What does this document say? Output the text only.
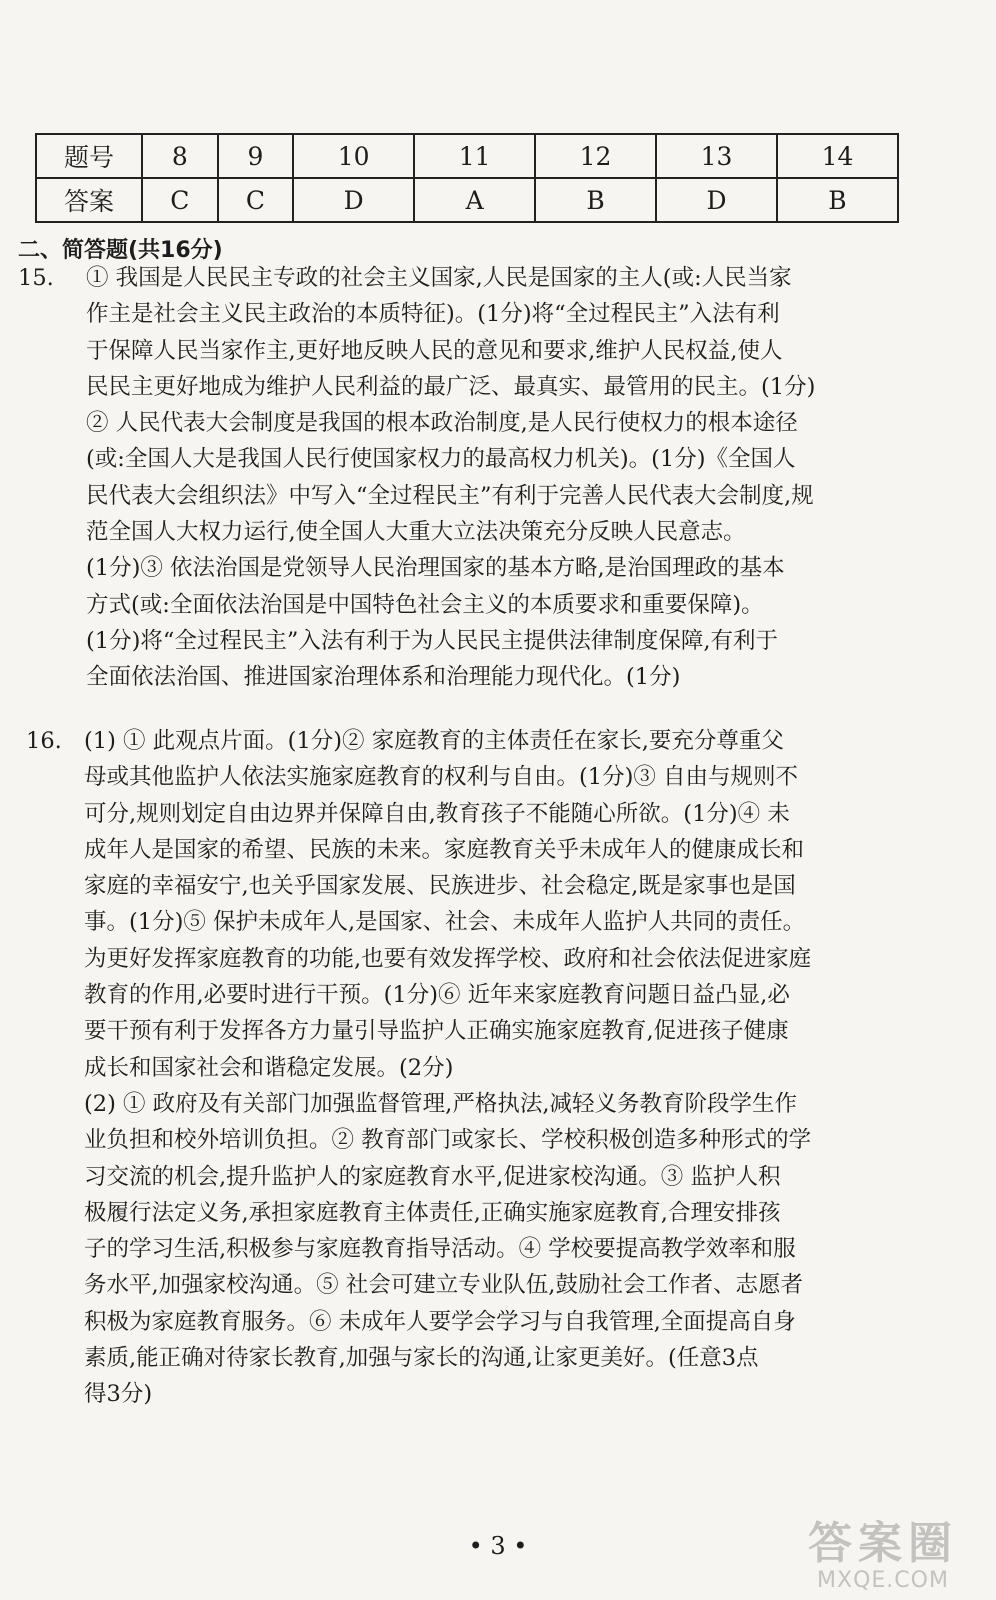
题号	8	9	10	11	12	13	14
答案	C	C	D	A	B	D	B
二、简答题(共16分)
15. ① 我国是人民民主专政的社会主义国家,人民是国家的主人(或:人民当家
作主是社会主义民主政治的本质特征)。(1分)将“全过程民主”入法有利
于保障人民当家作主,更好地反映人民的意见和要求,维护人民权益,使人
民民主更好地成为维护人民利益的最广泛、最真实、最管用的民主。(1分)
② 人民代表大会制度是我国的根本政治制度,是人民行使权力的根本途径
(或:全国人大是我国人民行使国家权力的最高权力机关)。(1分)《全国人
民代表大会组织法》中写入“全过程民主”有利于完善人民代表大会制度,规
范全国人大权力运行,使全国人大重大立法决策充分反映人民意志。
(1分)③ 依法治国是党领导人民治理国家的基本方略,是治国理政的基本
方式(或:全面依法治国是中国特色社会主义的本质要求和重要保障)。
(1分)将“全过程民主”入法有利于为人民民主提供法律制度保障,有利于
全面依法治国、推进国家治理体系和治理能力现代化。(1分)
16. (1) ① 此观点片面。(1分)② 家庭教育的主体责任在家长,要充分尊重父
母或其他监护人依法实施家庭教育的权利与自由。(1分)③ 自由与规则不
可分,规则划定自由边界并保障自由,教育孩子不能随心所欲。(1分)④ 未
成年人是国家的希望、民族的未来。家庭教育关乎未成年人的健康成长和
家庭的幸福安宁,也关乎国家发展、民族进步、社会稳定,既是家事也是国
事。(1分)⑤ 保护未成年人,是国家、社会、未成年人监护人共同的责任。
为更好发挥家庭教育的功能,也要有效发挥学校、政府和社会依法促进家庭
教育的作用,必要时进行干预。(1分)⑥ 近年来家庭教育问题日益凸显,必
要干预有利于发挥各方力量引导监护人正确实施家庭教育,促进孩子健康
成长和国家社会和谐稳定发展。(2分)
(2) ① 政府及有关部门加强监督管理,严格执法,减轻义务教育阶段学生作
业负担和校外培训负担。② 教育部门或家长、学校积极创造多种形式的学
习交流的机会,提升监护人的家庭教育水平,促进家校沟通。③ 监护人积
极履行法定义务,承担家庭教育主体责任,正确实施家庭教育,合理安排孩
子的学习生活,积极参与家庭教育指导活动。④ 学校要提高教学效率和服
务水平,加强家校沟通。⑤ 社会可建立专业队伍,鼓励社会工作者、志愿者
积极为家庭教育服务。⑥ 未成年人要学会学习与自我管理,全面提高自身
素质,能正确对待家长教育,加强与家长的沟通,让家更美好。(任意3点
得3分)
• 3 •	答案圈
MXQE.COM
